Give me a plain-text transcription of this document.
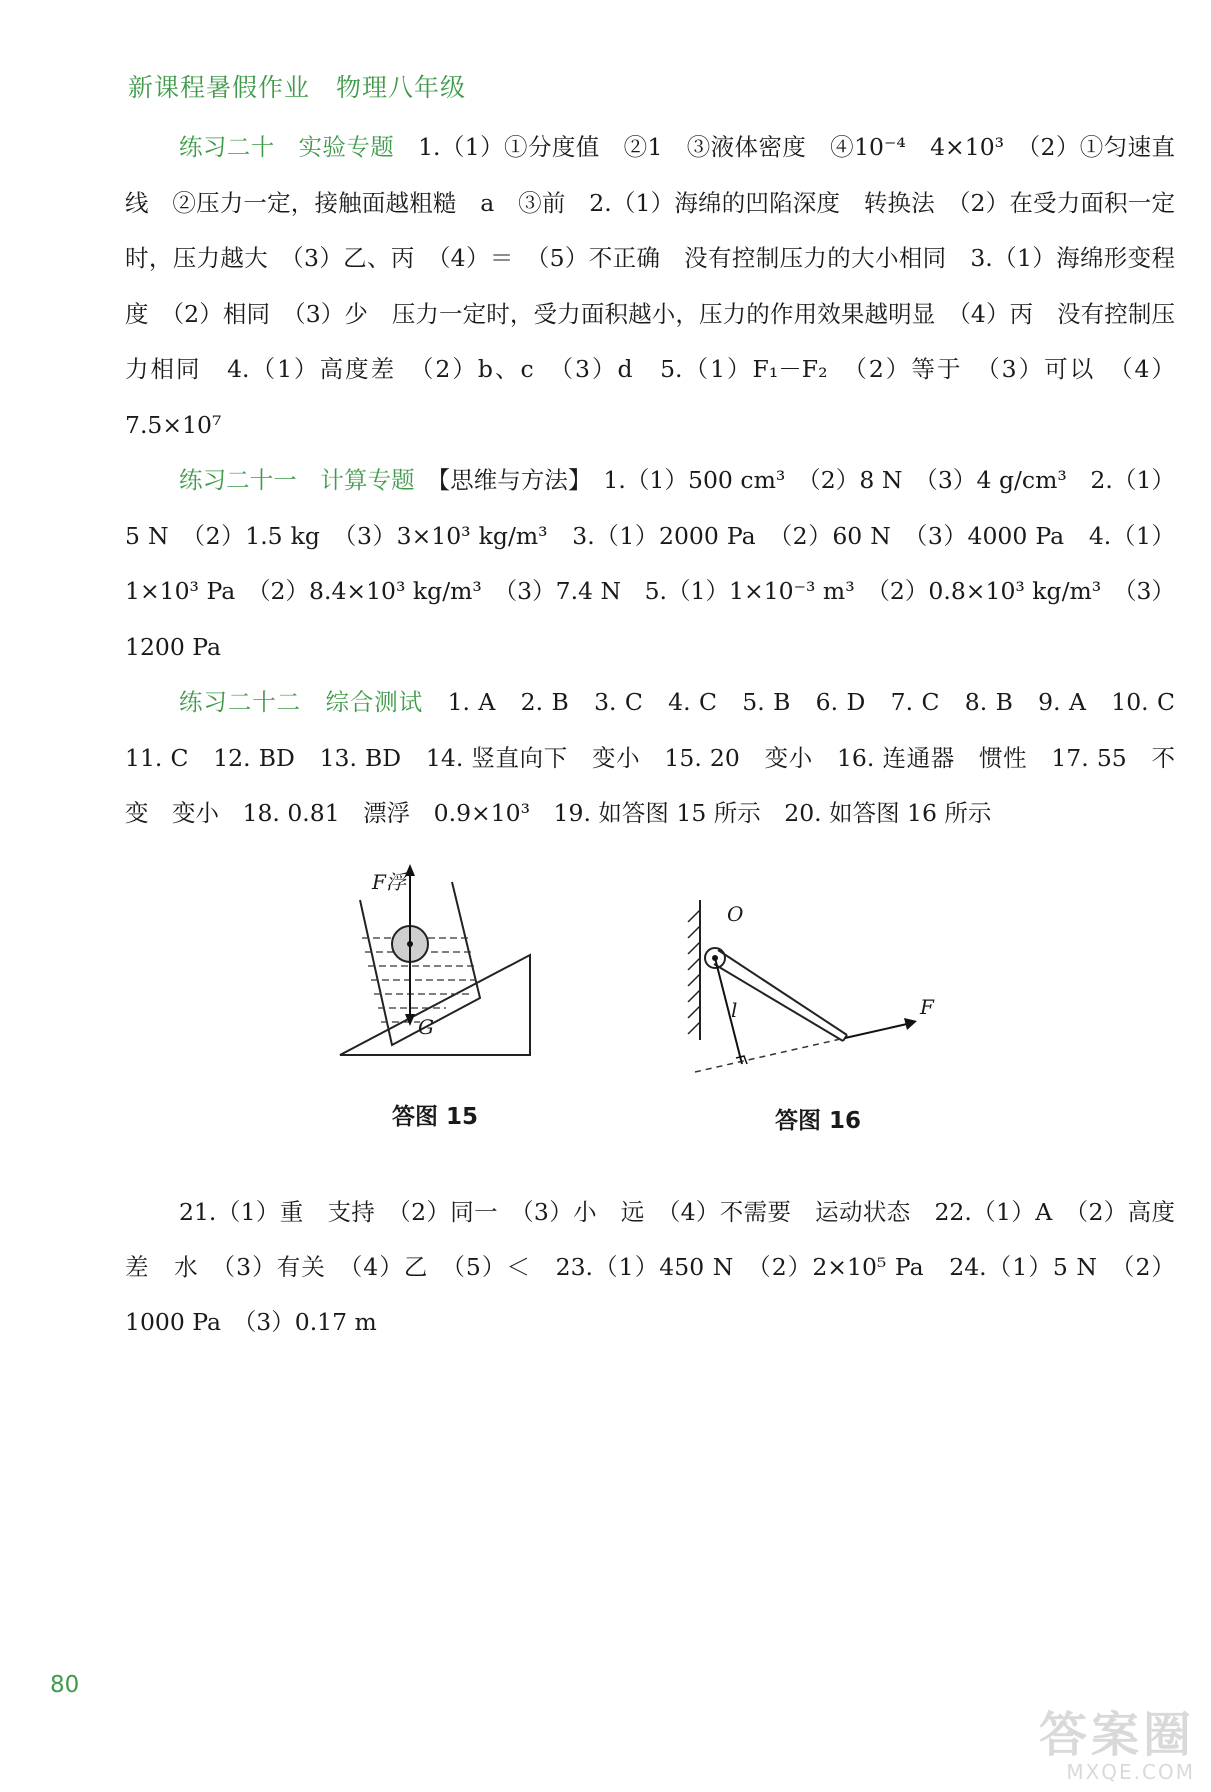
新课程暑假作业 物理八年级

练习二十　实验专题　 1.（1）①分度值　②1　③液体密度　④10⁻⁴　4×10³　（2）①匀速直线　②压力一定，接触面越粗糙　a　③前　2.（1）海绵的凹陷深度　转换法　（2）在受力面积一定时，压力越大　（3）乙、丙　（4）＝　（5）不正确　没有控制压力的大小相同　3.（1）海绵形变程度　（2）相同　（3）少　压力一定时，受力面积越小，压力的作用效果越明显　（4）丙　没有控制压力相同　4.（1）高度差　（2）b、c　（3）d　5.（1）F₁－F₂　（2）等于　（3）可以　（4）7.5×10⁷

练习二十一　计算专题　 【思维与方法】　1.（1）500 cm³　（2）8 N　（3）4 g/cm³　2.（1）5 N　（2）1.5 kg　（3）3×10³ kg/m³　3.（1）2000 Pa　（2）60 N　（3）4000 Pa　4.（1）1×10³ Pa　（2）8.4×10³ kg/m³　（3）7.4 N　5.（1）1×10⁻³ m³　（2）0.8×10³ kg/m³　（3）1200 Pa

练习二十二　综合测试　 1. A　2. B　3. C　4. C　5. B　6. D　7. C　8. B　9. A　10. C　11. C　12. BD　13. BD　14. 竖直向下　变小　15. 20　变小　16. 连通器　惯性　17. 55　不变　变小　18. 0.81　漂浮　0.9×10³　19. 如答图 15 所示　20. 如答图 16 所示

F浮
G
答图 15
O
l	F
答图 16

21.（1）重　支持　（2）同一　（3）小　远　（4）不需要　运动状态　22.（1）A　（2）高度差　水　（3）有关　（4）乙　（5）＜　23.（1）450 N　（2）2×10⁵ Pa　24.（1）5 N　（2）1000 Pa　（3）0.17 m

80
答案圈
MXQE.COM
